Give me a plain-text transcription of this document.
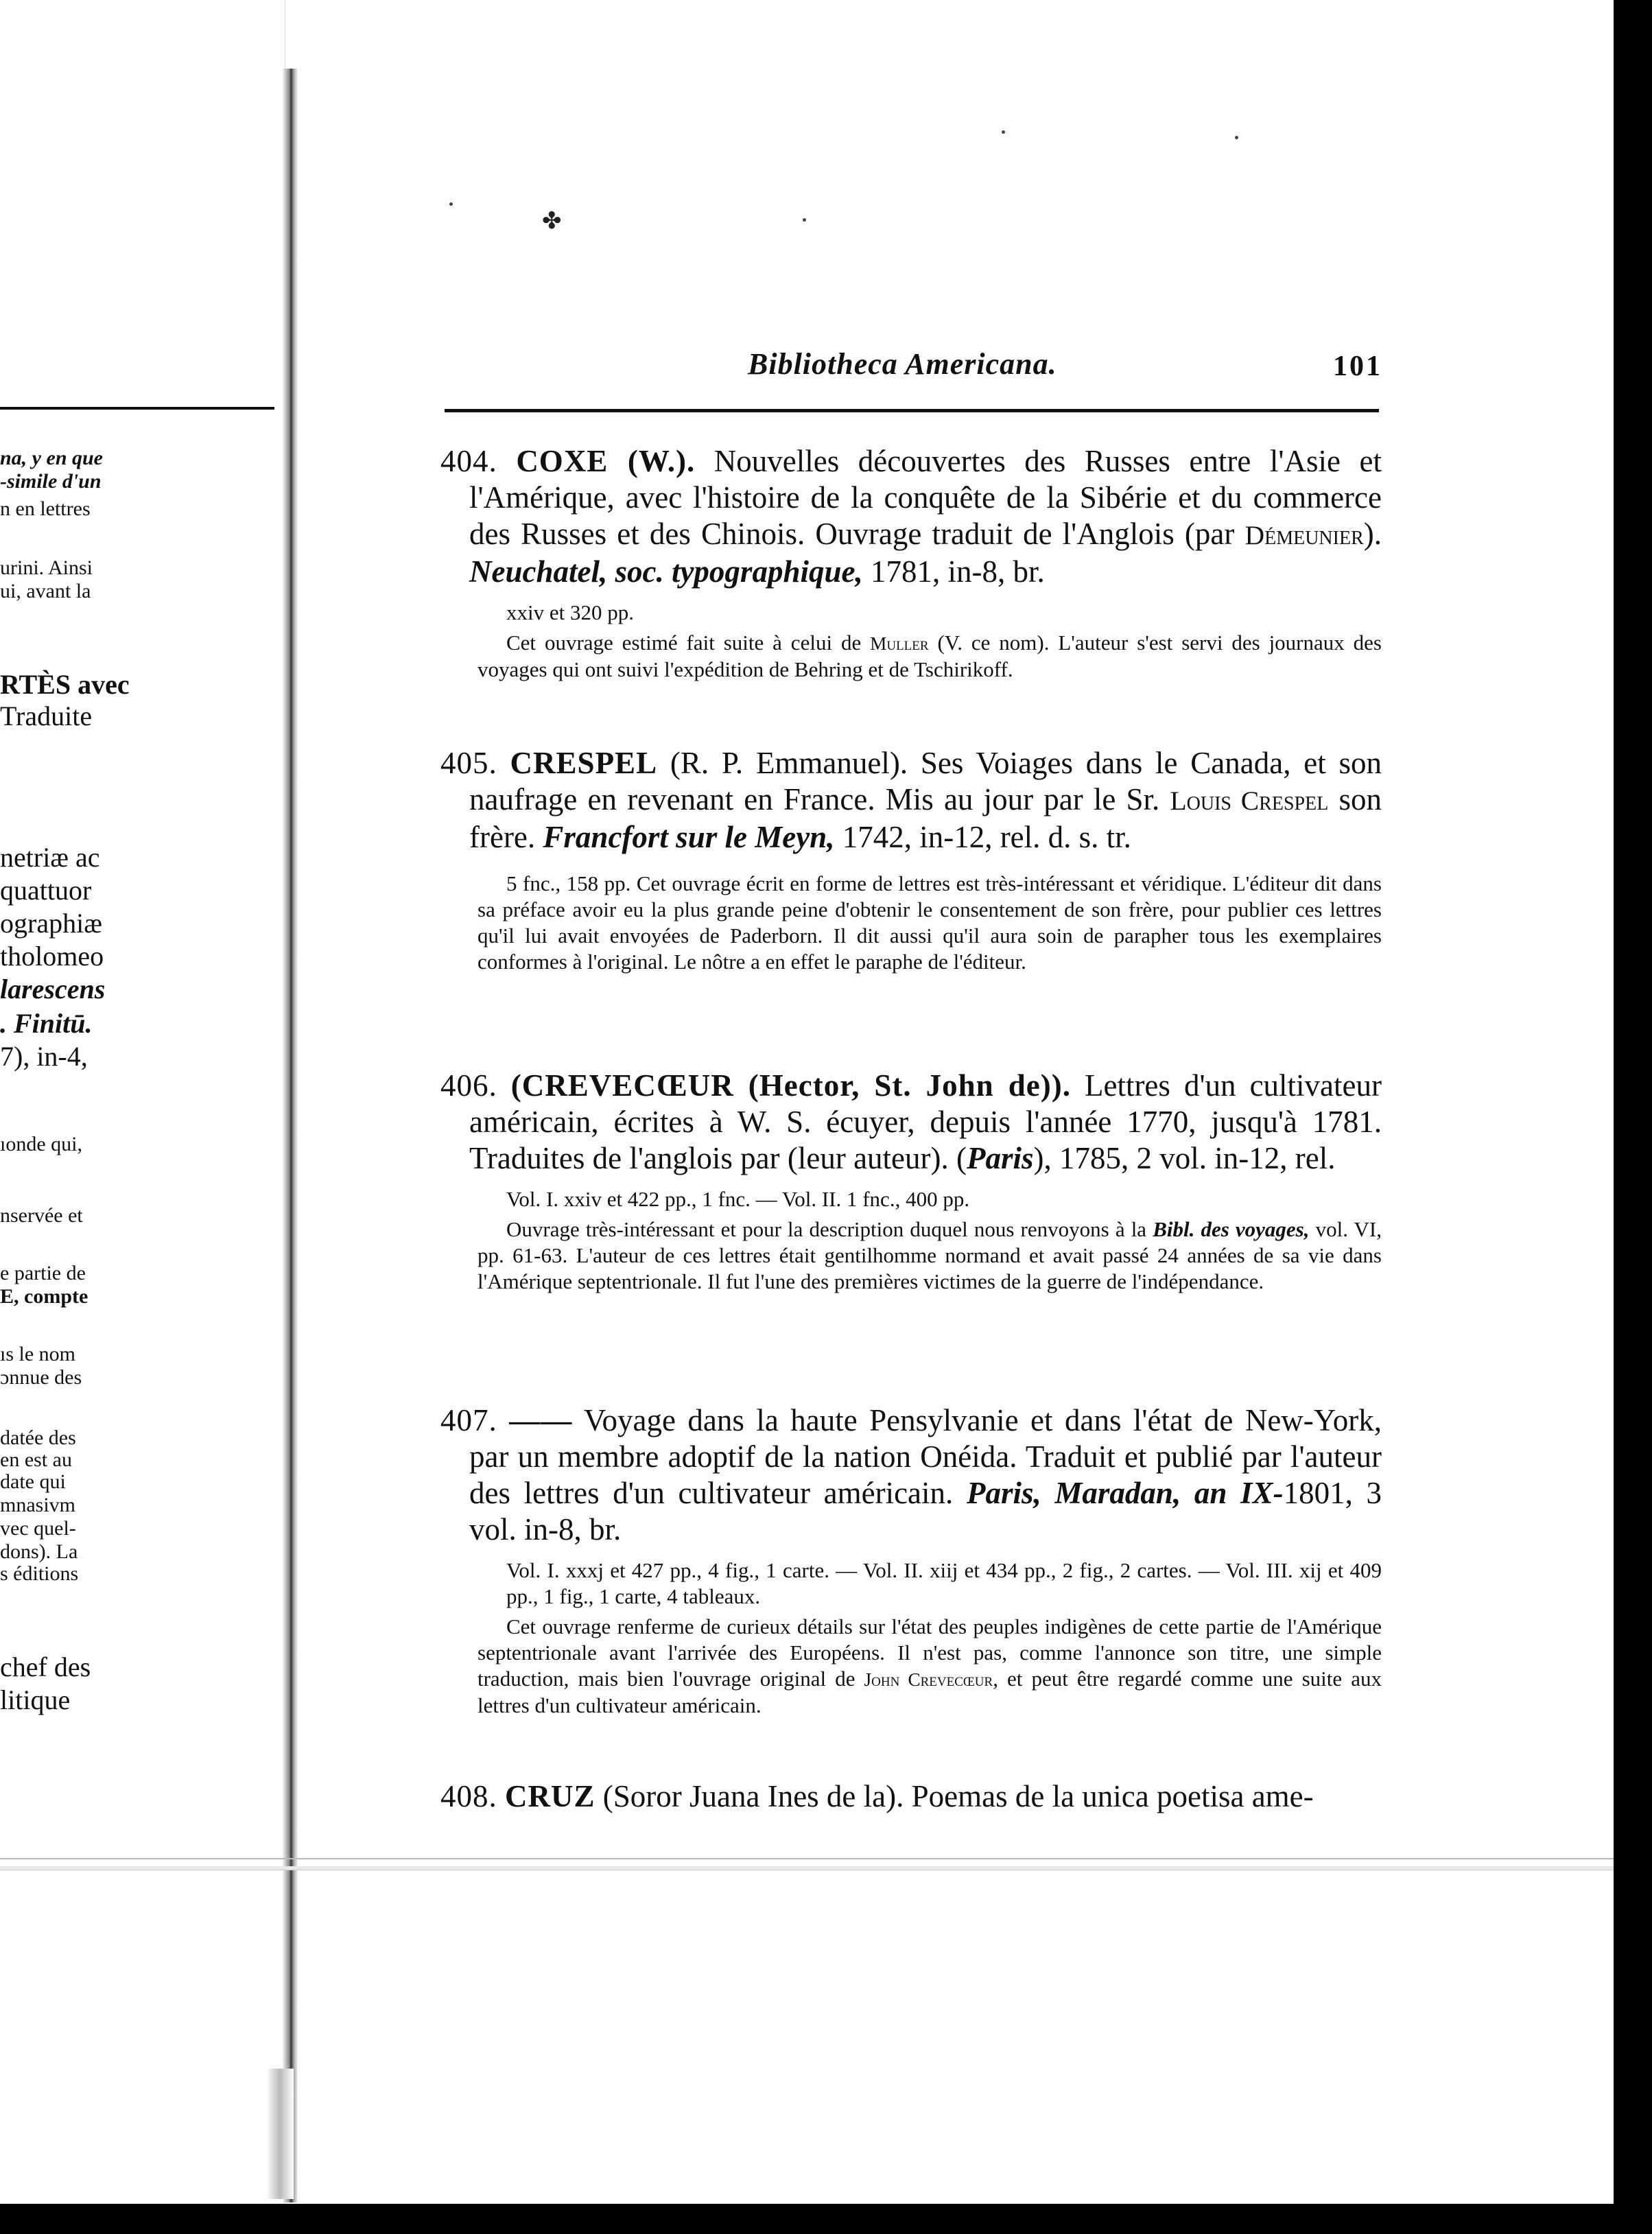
na, y en que
-simile d'un
n en lettres
urini. Ainsi
ui, avant la
RTÈS avec
Traduite
netriæ ac
quattuor
ographiæ
tholomeo
larescens
. Finitū.
7), in-4,
ıonde qui,
nservée et
e partie de
E, compte
ıs le nom
ɔnnue des
datée des
en est au
date qui
mnasivm
vec quel-
dons). La
s éditions
chef des
litique
✤
Bibliotheca Americana.	101
404. COXE (W.). Nouvelles découvertes des Russes entre l'Asie et l'Amérique, avec l'histoire de la conquête de la Sibérie et du commerce des Russes et des Chinois. Ouvrage traduit de l'Anglois (par Démeunier). Neuchatel, soc. typographique, 1781, in-8, br.
xxiv et 320 pp.
Cet ouvrage estimé fait suite à celui de Muller (V. ce nom). L'auteur s'est servi des journaux des voyages qui ont suivi l'expédition de Behring et de Tschirikoff.
405. CRESPEL (R. P. Emmanuel). Ses Voiages dans le Canada, et son naufrage en revenant en France. Mis au jour par le Sr. Louis Crespel son frère. Francfort sur le Meyn, 1742, in-12, rel. d. s. tr.
5 fnc., 158 pp. Cet ouvrage écrit en forme de lettres est très-intéressant et véridique. L'éditeur dit dans sa préface avoir eu la plus grande peine d'obtenir le consentement de son frère, pour publier ces lettres qu'il lui avait envoyées de Paderborn. Il dit aussi qu'il aura soin de parapher tous les exemplaires conformes à l'original. Le nôtre a en effet le paraphe de l'éditeur.
406. (CREVECŒUR (Hector, St. John de)). Lettres d'un cultivateur américain, écrites à W. S. écuyer, depuis l'année 1770, jusqu'à 1781. Traduites de l'anglois par (leur auteur). (Paris), 1785, 2 vol. in-12, rel.
Vol. I. xxiv et 422 pp., 1 fnc. — Vol. II. 1 fnc., 400 pp.
Ouvrage très-intéressant et pour la description duquel nous renvoyons à la Bibl. des voyages, vol. VI, pp. 61-63. L'auteur de ces lettres était gentilhomme normand et avait passé 24 années de sa vie dans l'Amérique septentrionale. Il fut l'une des premières victimes de la guerre de l'indépendance.
407. —— Voyage dans la haute Pensylvanie et dans l'état de New-York, par un membre adoptif de la nation Onéida. Traduit et publié par l'auteur des lettres d'un cultivateur américain. Paris, Maradan, an IX-1801, 3 vol. in-8, br.
Vol. I. xxxj et 427 pp., 4 fig., 1 carte. — Vol. II. xiij et 434 pp., 2 fig., 2 cartes. — Vol. III. xij et 409 pp., 1 fig., 1 carte, 4 tableaux.
Cet ouvrage renferme de curieux détails sur l'état des peuples indigènes de cette partie de l'Amérique septentrionale avant l'arrivée des Européens. Il n'est pas, comme l'annonce son titre, une simple traduction, mais bien l'ouvrage original de John Crevecœur, et peut être regardé comme une suite aux lettres d'un cultivateur américain.
408. CRUZ (Soror Juana Ines de la). Poemas de la unica poetisa ame-
